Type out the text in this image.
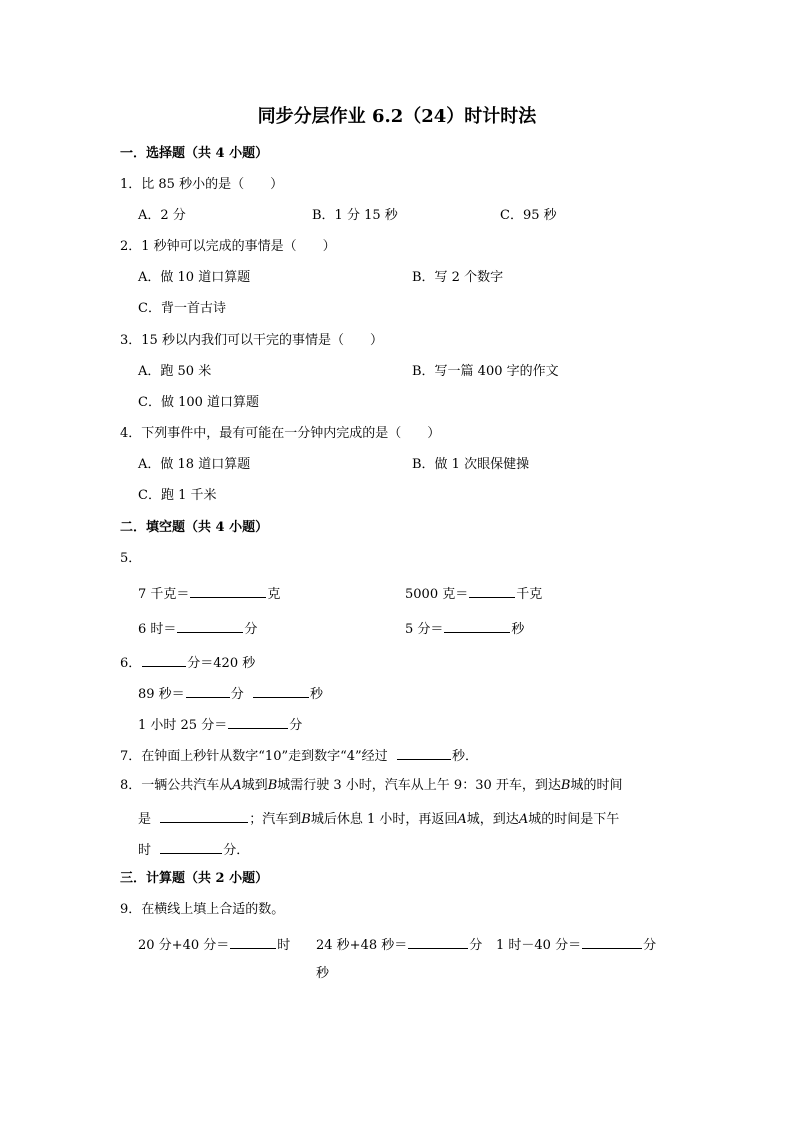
同步分层作业 6.2（24）时计时法
一．选择题（共 4 小题）
1．比 85 秒小的是（　　）
A．2 分	B．1 分 15 秒	C．95 秒
2．1 秒钟可以完成的事情是（　　）
A．做 10 道口算题	B．写 2 个数字
C．背一首古诗
3．15 秒以内我们可以干完的事情是（　　）
A．跑 50 米	B．写一篇 400 字的作文
C．做 100 道口算题
4．下列事件中，最有可能在一分钟内完成的是（　　）
A．做 18 道口算题	B．做 1 次眼保健操
C．跑 1 千米
二．填空题（共 4 小题）
5．
7 千克＝	克	5000 克＝	千克
6 时＝	分	5 分＝	秒
6．	分＝420 秒
89 秒＝	分	秒
1 小时 25 分＝	分
7．在钟面上秒针从数字“10”走到数字“4”经过	秒．
8．一辆公共汽车从A城到B城需行驶 3 小时，汽车从上午 9：30 开车，到达B城的时间
是	；汽车到B城后休息 1 小时，再返回A城，到达A城的时间是下午
时	分．
三．计算题（共 2 小题）
9．在横线上填上合适的数。
20 分+40 分＝	时 24 秒+48 秒＝	分 1 时－40 分＝	分
秒
